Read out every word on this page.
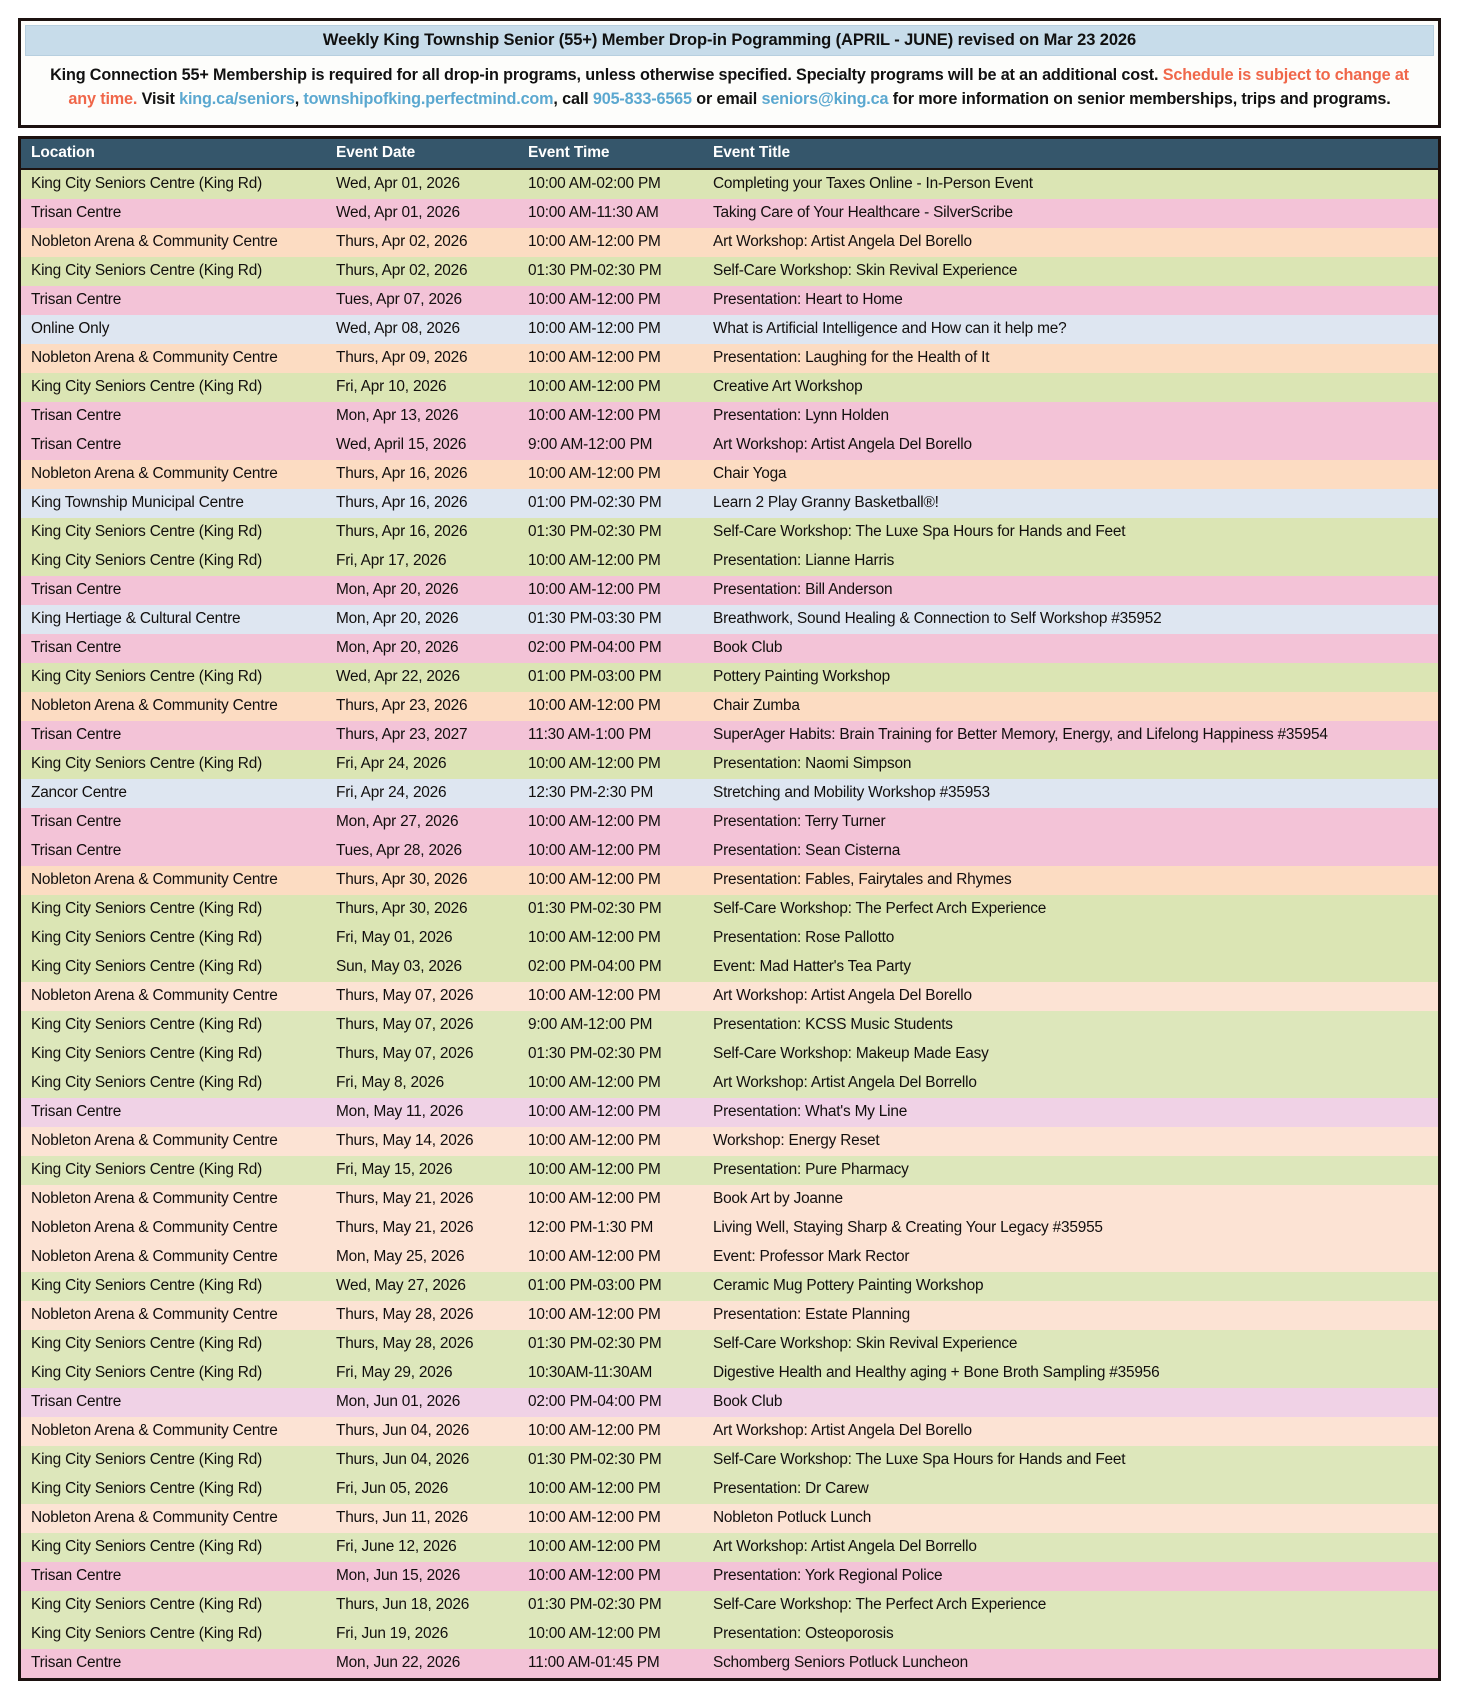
Weekly King Township Senior (55+) Member Drop-in Pogramming (APRIL - JUNE) revised on Mar 23 2026
King Connection 55+ Membership is required for all drop-in programs, unless otherwise specified. Specialty programs will be at an additional cost. Schedule is subject to change at any time. Visit king.ca/seniors, townshipofking.perfectmind.com, call 905-833-6565 or email seniors@king.ca for more information on senior memberships, trips and programs.
Location	Event Date	Event Time	Event Title
King City Seniors Centre (King Rd)	Wed, Apr 01, 2026	10:00 AM-02:00 PM	Completing your Taxes Online - In-Person Event
Trisan Centre	Wed, Apr 01, 2026	10:00 AM-11:30 AM	Taking Care of Your Healthcare - SilverScribe
Nobleton Arena & Community Centre	Thurs, Apr 02, 2026	10:00 AM-12:00 PM	Art Workshop: Artist Angela Del Borello
King City Seniors Centre (King Rd)	Thurs, Apr 02, 2026	01:30 PM-02:30 PM	Self-Care Workshop: Skin Revival Experience
Trisan Centre	Tues, Apr 07, 2026	10:00 AM-12:00 PM	Presentation: Heart to Home
Online Only	Wed, Apr 08, 2026	10:00 AM-12:00 PM	What is Artificial Intelligence and How can it help me?
Nobleton Arena & Community Centre	Thurs, Apr 09, 2026	10:00 AM-12:00 PM	Presentation: Laughing for the Health of It
King City Seniors Centre (King Rd)	Fri, Apr 10, 2026	10:00 AM-12:00 PM	Creative Art Workshop
Trisan Centre	Mon, Apr 13, 2026	10:00 AM-12:00 PM	Presentation: Lynn Holden
Trisan Centre	Wed, April 15, 2026	9:00 AM-12:00 PM	Art Workshop: Artist Angela Del Borello
Nobleton Arena & Community Centre	Thurs, Apr 16, 2026	10:00 AM-12:00 PM	Chair Yoga
King Township Municipal Centre	Thurs, Apr 16, 2026	01:00 PM-02:30 PM	Learn 2 Play Granny Basketball®!
King City Seniors Centre (King Rd)	Thurs, Apr 16, 2026	01:30 PM-02:30 PM	Self-Care Workshop: The Luxe Spa Hours for Hands and Feet
King City Seniors Centre (King Rd)	Fri, Apr 17, 2026	10:00 AM-12:00 PM	Presentation: Lianne Harris
Trisan Centre	Mon, Apr 20, 2026	10:00 AM-12:00 PM	Presentation: Bill Anderson
King Hertiage & Cultural Centre	Mon, Apr 20, 2026	01:30 PM-03:30 PM	Breathwork, Sound Healing & Connection to Self Workshop #35952
Trisan Centre	Mon, Apr 20, 2026	02:00 PM-04:00 PM	Book Club
King City Seniors Centre (King Rd)	Wed, Apr 22, 2026	01:00 PM-03:00 PM	Pottery Painting Workshop
Nobleton Arena & Community Centre	Thurs, Apr 23, 2026	10:00 AM-12:00 PM	Chair Zumba
Trisan Centre	Thurs, Apr 23, 2027	11:30 AM-1:00 PM	SuperAger Habits: Brain Training for Better Memory, Energy, and Lifelong Happiness #35954
King City Seniors Centre (King Rd)	Fri, Apr 24, 2026	10:00 AM-12:00 PM	Presentation: Naomi Simpson
Zancor Centre	Fri, Apr 24, 2026	12:30 PM-2:30 PM	Stretching and Mobility Workshop #35953
Trisan Centre	Mon, Apr 27, 2026	10:00 AM-12:00 PM	Presentation: Terry Turner
Trisan Centre	Tues, Apr 28, 2026	10:00 AM-12:00 PM	Presentation: Sean Cisterna
Nobleton Arena & Community Centre	Thurs, Apr 30, 2026	10:00 AM-12:00 PM	Presentation: Fables, Fairytales and Rhymes
King City Seniors Centre (King Rd)	Thurs, Apr 30, 2026	01:30 PM-02:30 PM	Self-Care Workshop: The Perfect Arch Experience
King City Seniors Centre (King Rd)	Fri, May 01, 2026	10:00 AM-12:00 PM	Presentation: Rose Pallotto
King City Seniors Centre (King Rd)	Sun, May 03, 2026	02:00 PM-04:00 PM	Event: Mad Hatter's Tea Party
Nobleton Arena & Community Centre	Thurs, May 07, 2026	10:00 AM-12:00 PM	Art Workshop: Artist Angela Del Borello
King City Seniors Centre (King Rd)	Thurs, May 07, 2026	9:00 AM-12:00 PM	Presentation: KCSS Music Students
King City Seniors Centre (King Rd)	Thurs, May 07, 2026	01:30 PM-02:30 PM	Self-Care Workshop: Makeup Made Easy
King City Seniors Centre (King Rd)	Fri, May 8, 2026	10:00 AM-12:00 PM	Art Workshop: Artist Angela Del Borrello
Trisan Centre	Mon, May 11, 2026	10:00 AM-12:00 PM	Presentation: What's My Line
Nobleton Arena & Community Centre	Thurs, May 14, 2026	10:00 AM-12:00 PM	Workshop: Energy Reset
King City Seniors Centre (King Rd)	Fri, May 15, 2026	10:00 AM-12:00 PM	Presentation: Pure Pharmacy
Nobleton Arena & Community Centre	Thurs, May 21, 2026	10:00 AM-12:00 PM	Book Art by Joanne
Nobleton Arena & Community Centre	Thurs, May 21, 2026	12:00 PM-1:30 PM	Living Well, Staying Sharp & Creating Your Legacy #35955
Nobleton Arena & Community Centre	Mon, May 25, 2026	10:00 AM-12:00 PM	Event: Professor Mark Rector
King City Seniors Centre (King Rd)	Wed, May 27, 2026	01:00 PM-03:00 PM	Ceramic Mug Pottery Painting Workshop
Nobleton Arena & Community Centre	Thurs, May 28, 2026	10:00 AM-12:00 PM	Presentation: Estate Planning
King City Seniors Centre (King Rd)	Thurs, May 28, 2026	01:30 PM-02:30 PM	Self-Care Workshop: Skin Revival Experience
King City Seniors Centre (King Rd)	Fri, May 29, 2026	10:30AM-11:30AM	Digestive Health and Healthy aging + Bone Broth Sampling #35956
Trisan Centre	Mon, Jun 01, 2026	02:00 PM-04:00 PM	Book Club
Nobleton Arena & Community Centre	Thurs, Jun 04, 2026	10:00 AM-12:00 PM	Art Workshop: Artist Angela Del Borello
King City Seniors Centre (King Rd)	Thurs, Jun 04, 2026	01:30 PM-02:30 PM	Self-Care Workshop: The Luxe Spa Hours for Hands and Feet
King City Seniors Centre (King Rd)	Fri, Jun 05, 2026	10:00 AM-12:00 PM	Presentation: Dr Carew
Nobleton Arena & Community Centre	Thurs, Jun 11, 2026	10:00 AM-12:00 PM	Nobleton Potluck Lunch
King City Seniors Centre (King Rd)	Fri, June 12, 2026	10:00 AM-12:00 PM	Art Workshop: Artist Angela Del Borrello
Trisan Centre	Mon, Jun 15, 2026	10:00 AM-12:00 PM	Presentation: York Regional Police
King City Seniors Centre (King Rd)	Thurs, Jun 18, 2026	01:30 PM-02:30 PM	Self-Care Workshop: The Perfect Arch Experience
King City Seniors Centre (King Rd)	Fri, Jun 19, 2026	10:00 AM-12:00 PM	Presentation: Osteoporosis
Trisan Centre	Mon, Jun 22, 2026	11:00 AM-01:45 PM	Schomberg Seniors Potluck Luncheon
